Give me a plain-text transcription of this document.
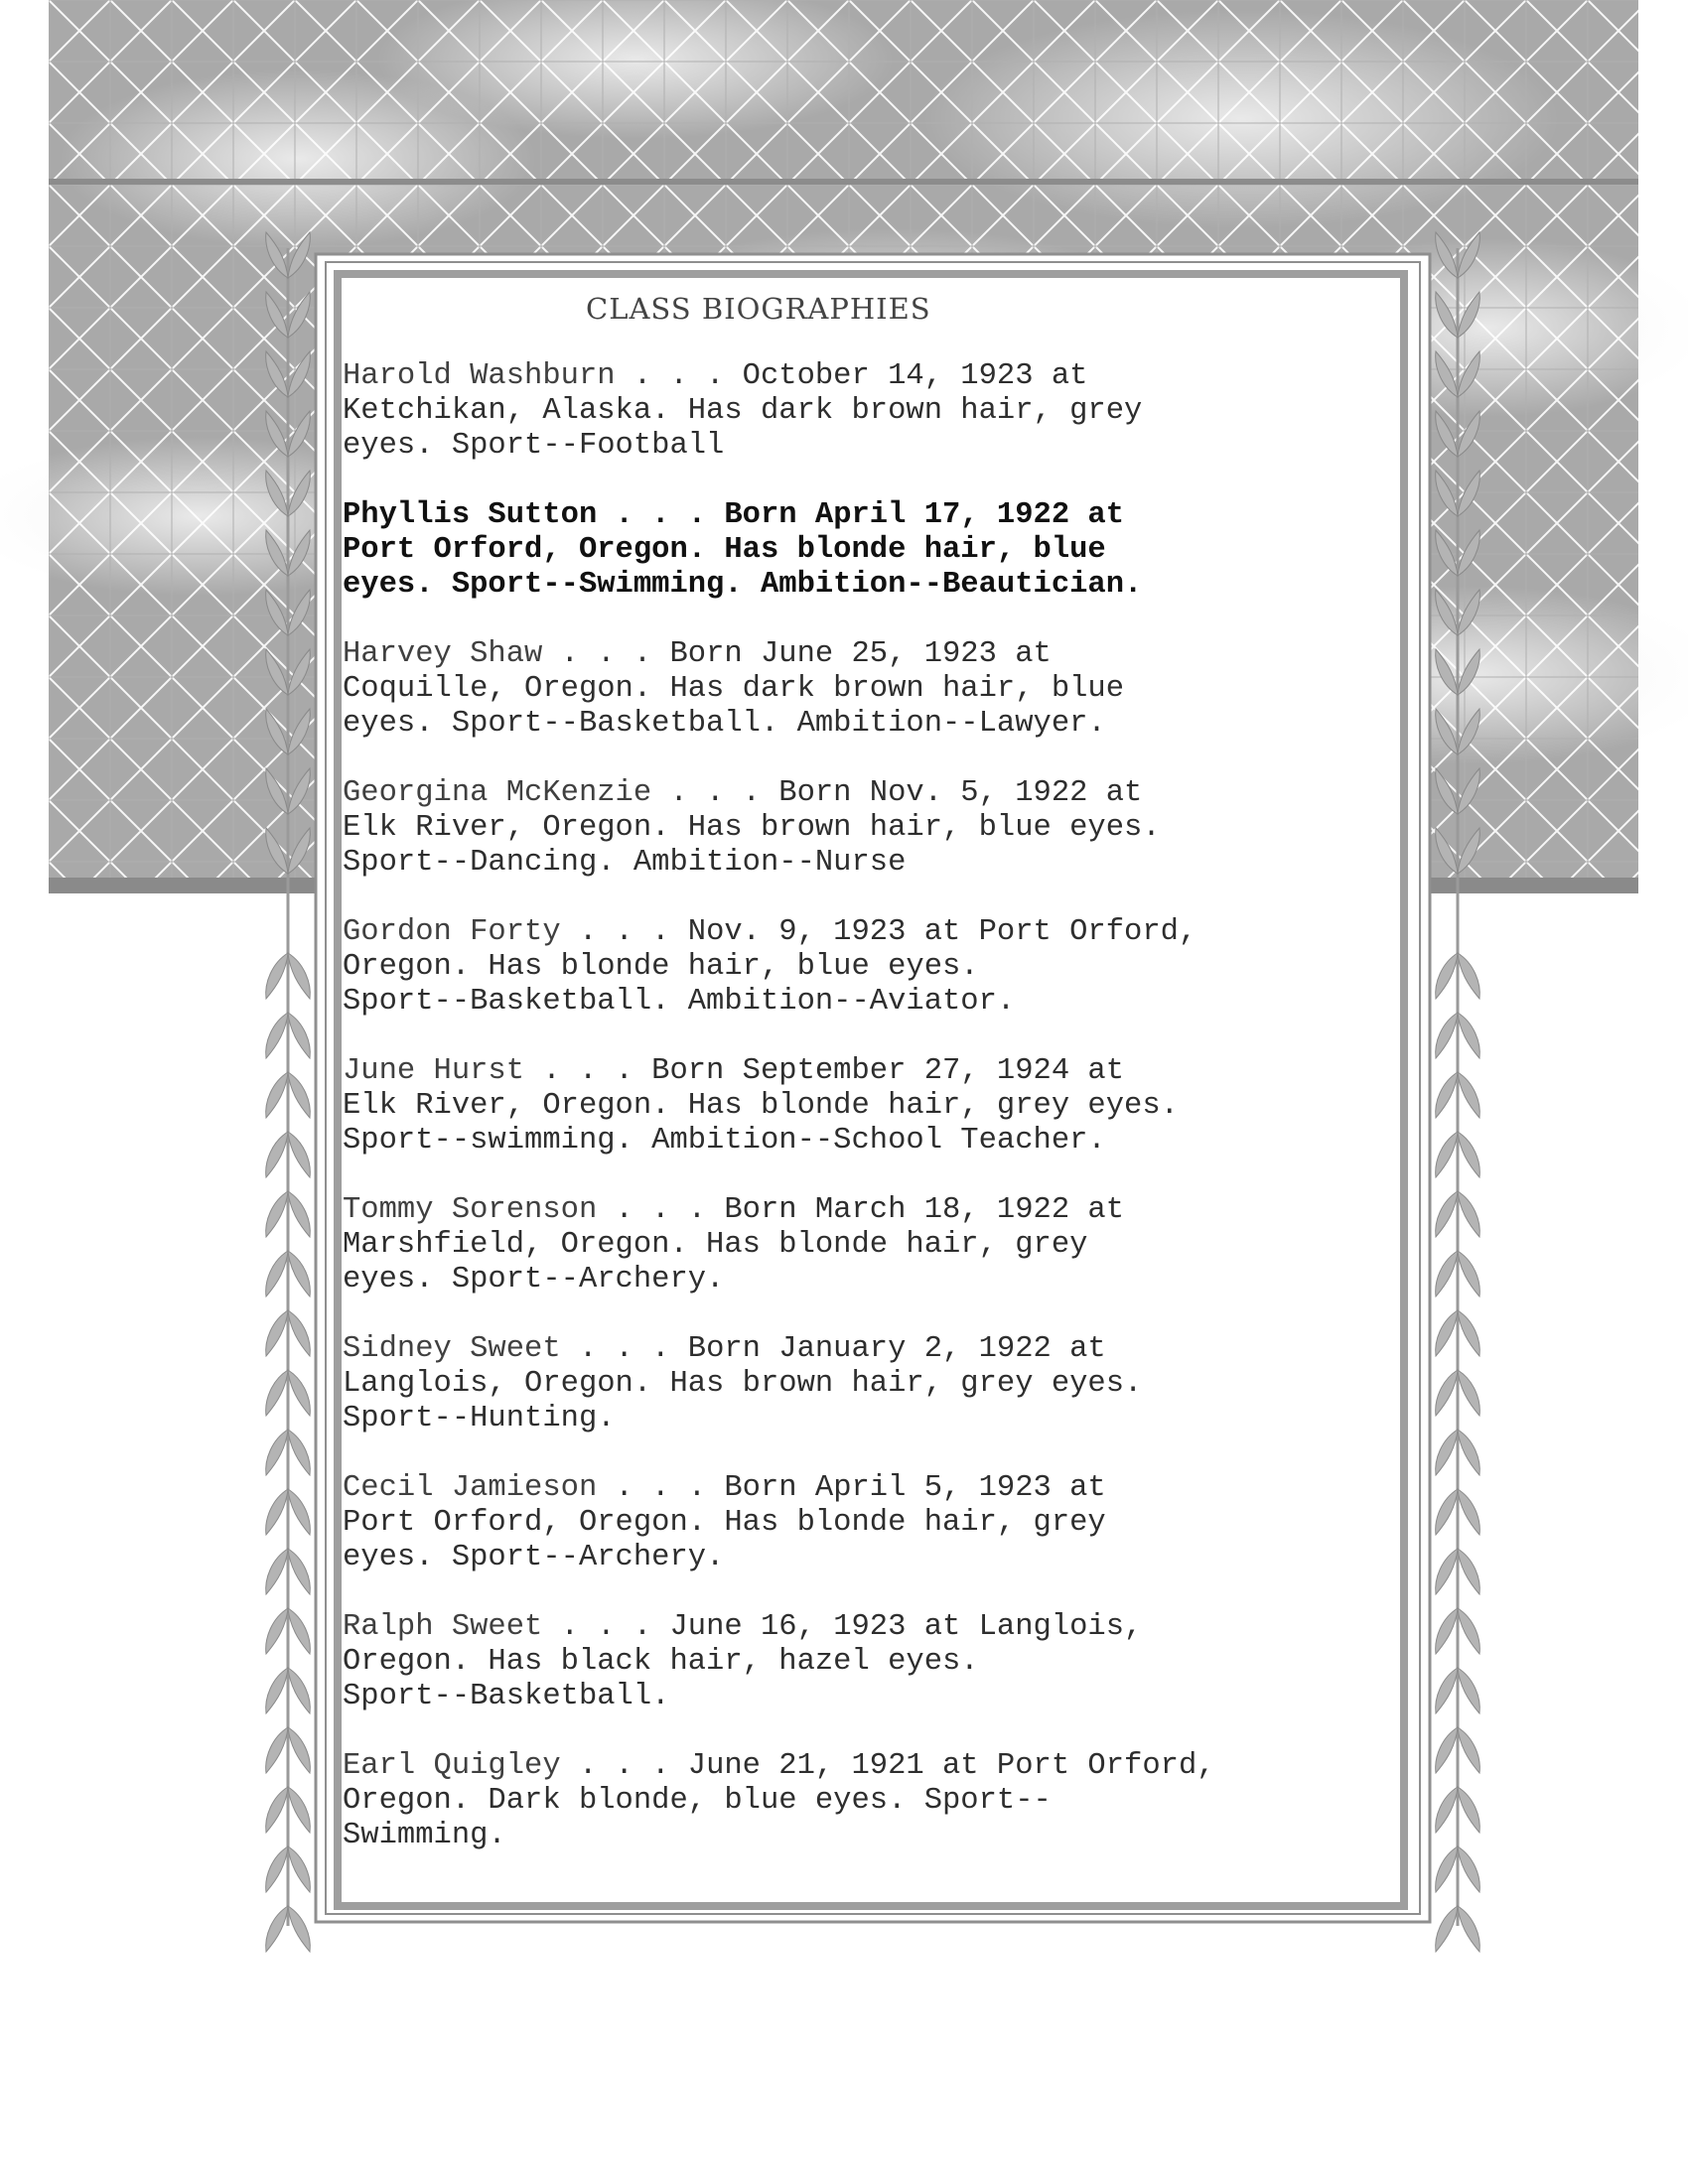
CLASS BIOGRAPHIES

Harold Washburn . . . October 14, 1923 at
Ketchikan, Alaska. Has dark brown hair, grey
eyes. Sport--Football

Phyllis Sutton . . . Born April 17, 1922 at
Port Orford, Oregon. Has blonde hair, blue
eyes. Sport--Swimming. Ambition--Beautician.

Harvey Shaw . . . Born June 25, 1923 at
Coquille, Oregon. Has dark brown hair, blue
eyes. Sport--Basketball. Ambition--Lawyer.

Georgina McKenzie . . . Born Nov. 5, 1922 at
Elk River, Oregon. Has brown hair, blue eyes.
Sport--Dancing. Ambition--Nurse

Gordon Forty . . . Nov. 9, 1923 at Port Orford,
Oregon. Has blonde hair, blue eyes.
Sport--Basketball. Ambition--Aviator.

June Hurst . . . Born September 27, 1924 at
Elk River, Oregon. Has blonde hair, grey eyes.
Sport--swimming. Ambition--School Teacher.

Tommy Sorenson . . . Born March 18, 1922 at
Marshfield, Oregon. Has blonde hair, grey
eyes. Sport--Archery.

Sidney Sweet . . . Born January 2, 1922 at
Langlois, Oregon. Has brown hair, grey eyes.
Sport--Hunting.

Cecil Jamieson . . . Born April 5, 1923 at
Port Orford, Oregon. Has blonde hair, grey
eyes. Sport--Archery.

Ralph Sweet . . . June 16, 1923 at Langlois,
Oregon. Has black hair, hazel eyes.
Sport--Basketball.

Earl Quigley . . . June 21, 1921 at Port Orford,
Oregon. Dark blonde, blue eyes. Sport--
Swimming.
